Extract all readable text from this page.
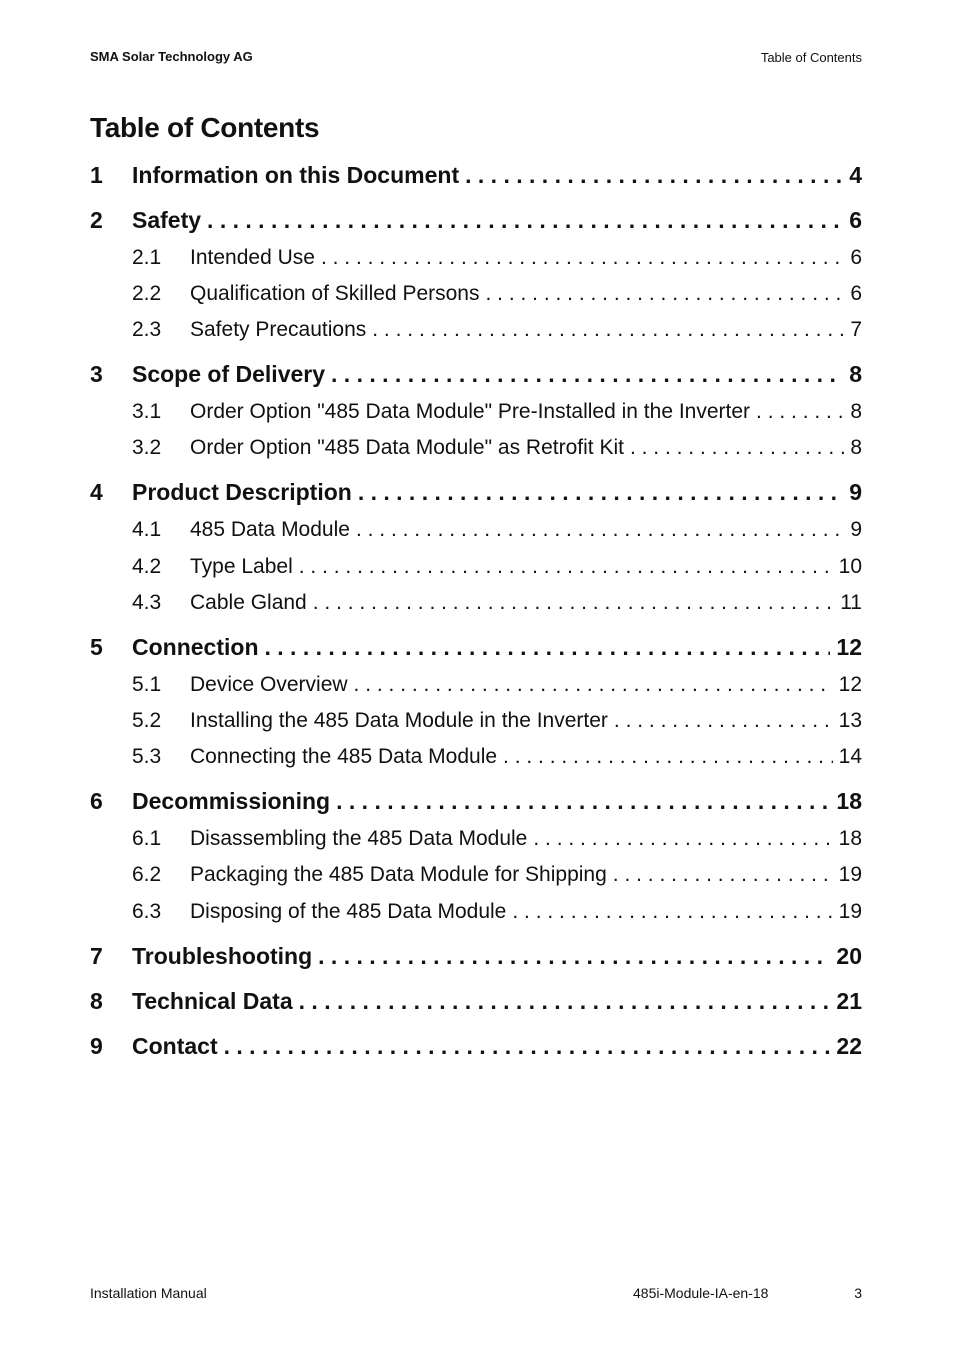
SMA Solar Technology AG	Table of Contents
Table of Contents
1	Information on this Document . . .	4
2	Safety . . .	6
2.1	Intended Use . . .	6
2.2	Qualification of Skilled Persons . . .	6
2.3	Safety Precautions . . .	7
3	Scope of Delivery . . .	8
3.1	Order Option "485 Data Module" Pre-Installed in the Inverter . . .	8
3.2	Order Option "485 Data Module" as Retrofit Kit . . .	8
4	Product Description . . .	9
4.1	485 Data Module . . .	9
4.2	Type Label . . .	10
4.3	Cable Gland . . .	11
5	Connection . . .	12
5.1	Device Overview . . .	12
5.2	Installing the 485 Data Module in the Inverter . . .	13
5.3	Connecting the 485 Data Module . . .	14
6	Decommissioning . . .	18
6.1	Disassembling the 485 Data Module . . .	18
6.2	Packaging the 485 Data Module for Shipping . . .	19
6.3	Disposing of the 485 Data Module . . .	19
7	Troubleshooting . . .	20
8	Technical Data . . .	21
9	Contact . . .	22
Installation Manual	485i-Module-IA-en-18	3
